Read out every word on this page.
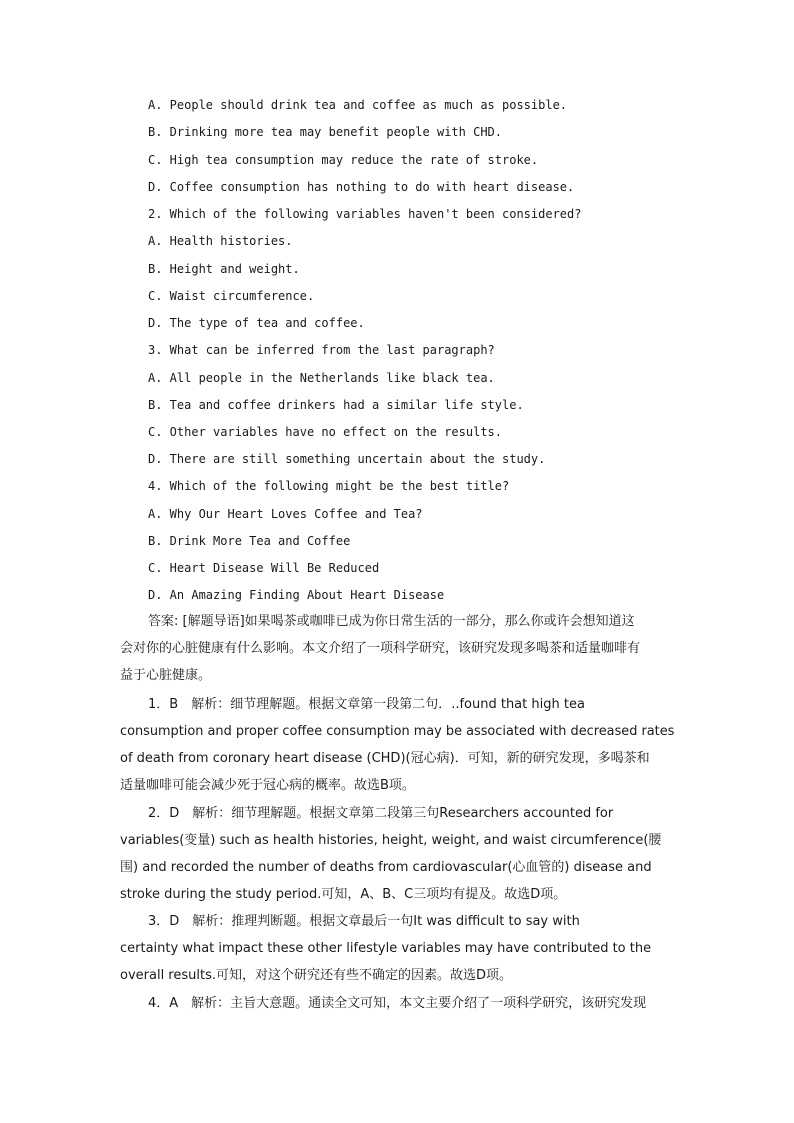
A. People should drink tea and coffee as much as possible.
B. Drinking more tea may benefit people with CHD.
C. High tea consumption may reduce the rate of stroke.
D. Coffee consumption has nothing to do with heart disease.
2. Which of the following variables haven't been considered?
A. Health histories.
B. Height and weight.
C. Waist circumference.
D. The type of tea and coffee.
3. What can be inferred from the last paragraph?
A. All people in the Netherlands like black tea.
B. Tea and coffee drinkers had a similar life style.
C. Other variables have no effect on the results.
D. There are still something uncertain about the study.
4. Which of the following might be the best title?
A. Why Our Heart Loves Coffee and Tea?
B. Drink More Tea and Coffee
C. Heart Disease Will Be Reduced
D. An Amazing Finding About Heart Disease
答案: [解题导语]如果喝茶或咖啡已成为你日常生活的一部分，那么你或许会想知道这
会对你的心脏健康有什么影响。本文介绍了一项科学研究，该研究发现多喝茶和适量咖啡有
益于心脏健康。
1．B　解析：细节理解题。根据文章第一段第二句．..found that high tea
consumption and proper coffee consumption may be associated with decreased rates
of death from coronary heart disease (CHD)(冠心病)．可知，新的研究发现，多喝茶和
适量咖啡可能会减少死于冠心病的概率。故选B项。
2．D　解析：细节理解题。根据文章第二段第三句Researchers accounted for
variables(变量) such as health histories, height, weight, and waist circumference(腰
围) and recorded the number of deaths from cardiovascular(心血管的) disease and
stroke during the study period.可知，A、B、C三项均有提及。故选D项。
3．D　解析：推理判断题。根据文章最后一句It was difficult to say with
certainty what impact these other lifestyle variables may have contributed to the
overall results.可知，对这个研究还有些不确定的因素。故选D项。
4．A　解析：主旨大意题。通读全文可知，本文主要介绍了一项科学研究，该研究发现
